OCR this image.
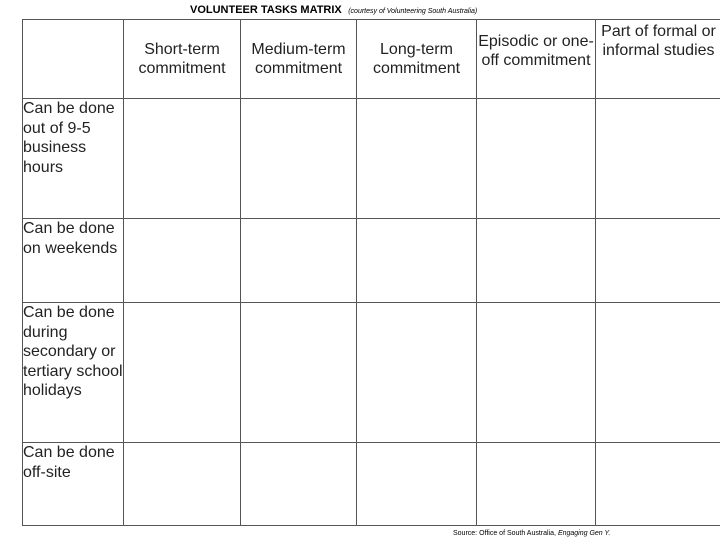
VOLUNTEER TASKS MATRIX (courtesy of Volunteering South Australia)

	Short-term commitment	Medium-term commitment	Long-term commitment	Episodic or one-off commitment	Part of formal or informal studies

Can be done out of 9-5 business hours					
Can be done on weekends					
Can be done during secondary or tertiary school holidays					
Can be done off-site					
Source: Office of South Australia, Engaging Gen Y.
